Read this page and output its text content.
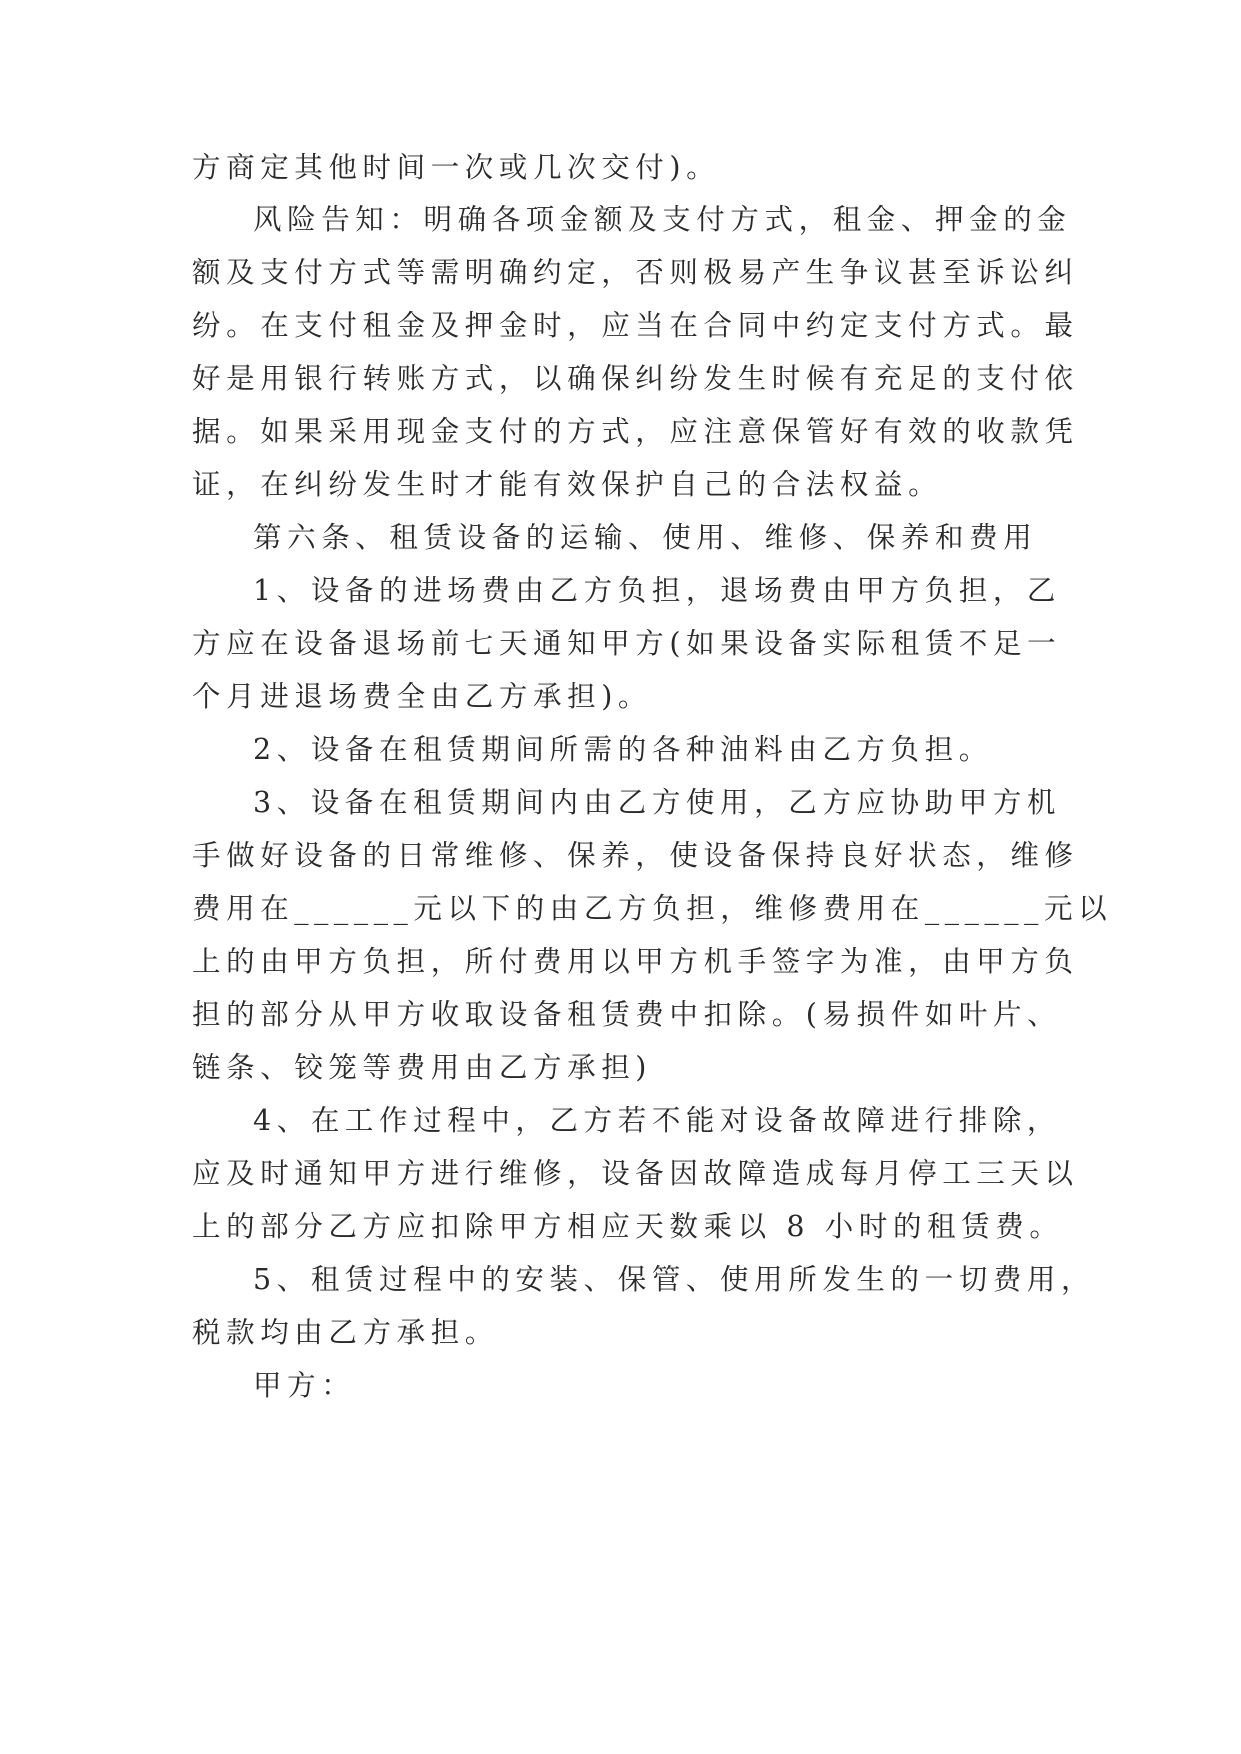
方商定其他时间一次或几次交付)。
风险告知：明确各项金额及支付方式，租金、押金的金
额及支付方式等需明确约定，否则极易产生争议甚至诉讼纠
纷。在支付租金及押金时，应当在合同中约定支付方式。最
好是用银行转账方式，以确保纠纷发生时候有充足的支付依
据。如果采用现金支付的方式，应注意保管好有效的收款凭
证，在纠纷发生时才能有效保护自己的合法权益。
第六条、租赁设备的运输、使用、维修、保养和费用
1、设备的进场费由乙方负担，退场费由甲方负担，乙
方应在设备退场前七天通知甲方(如果设备实际租赁不足一
个月进退场费全由乙方承担)。
2、设备在租赁期间所需的各种油料由乙方负担。
3、设备在租赁期间内由乙方使用，乙方应协助甲方机
手做好设备的日常维修、保养，使设备保持良好状态，维修
费用在______元以下的由乙方负担，维修费用在______元以
上的由甲方负担，所付费用以甲方机手签字为准，由甲方负
担的部分从甲方收取设备租赁费中扣除。(易损件如叶片、
链条、铰笼等费用由乙方承担)
4、在工作过程中，乙方若不能对设备故障进行排除，
应及时通知甲方进行维修，设备因故障造成每月停工三天以
上的部分乙方应扣除甲方相应天数乘以 8 小时的租赁费。
5、租赁过程中的安装、保管、使用所发生的一切费用，
税款均由乙方承担。
甲方：
